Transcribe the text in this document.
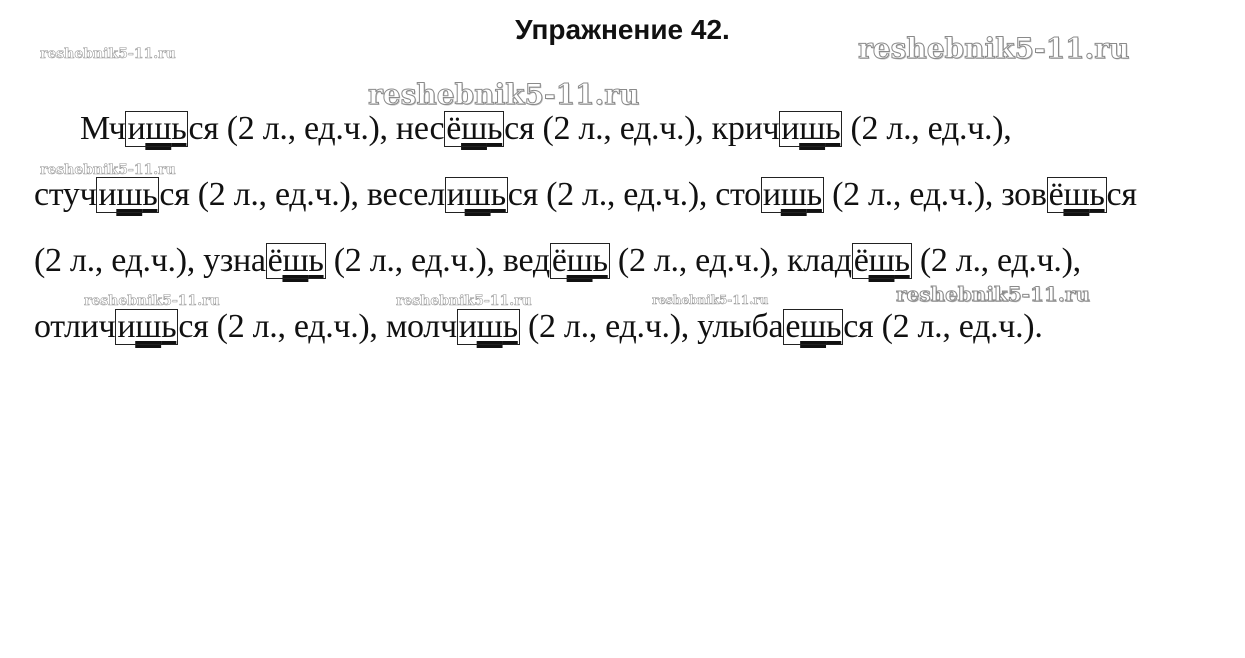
Упражнение 42.
reshebnik5-11.ru	reshebnik5-11.ru
reshebnik5-11.ru
reshebnik5-11.ru
reshebnik5-11.ru	reshebnik5-11.ru	reshebnik5-11.ru	reshebnik5-11.ru
Мчишься (2 л., ед.ч.), несёшься (2 л., ед.ч.), кричишь (2 л., ед.ч.),
стучишься (2 л., ед.ч.), веселишься (2 л., ед.ч.), стоишь (2 л., ед.ч.), зовёшься
(2 л., ед.ч.), узнаёшь (2 л., ед.ч.), ведёшь (2 л., ед.ч.), кладёшь (2 л., ед.ч.),
отличишься (2 л., ед.ч.), молчишь (2 л., ед.ч.), улыбаешься (2 л., ед.ч.).
